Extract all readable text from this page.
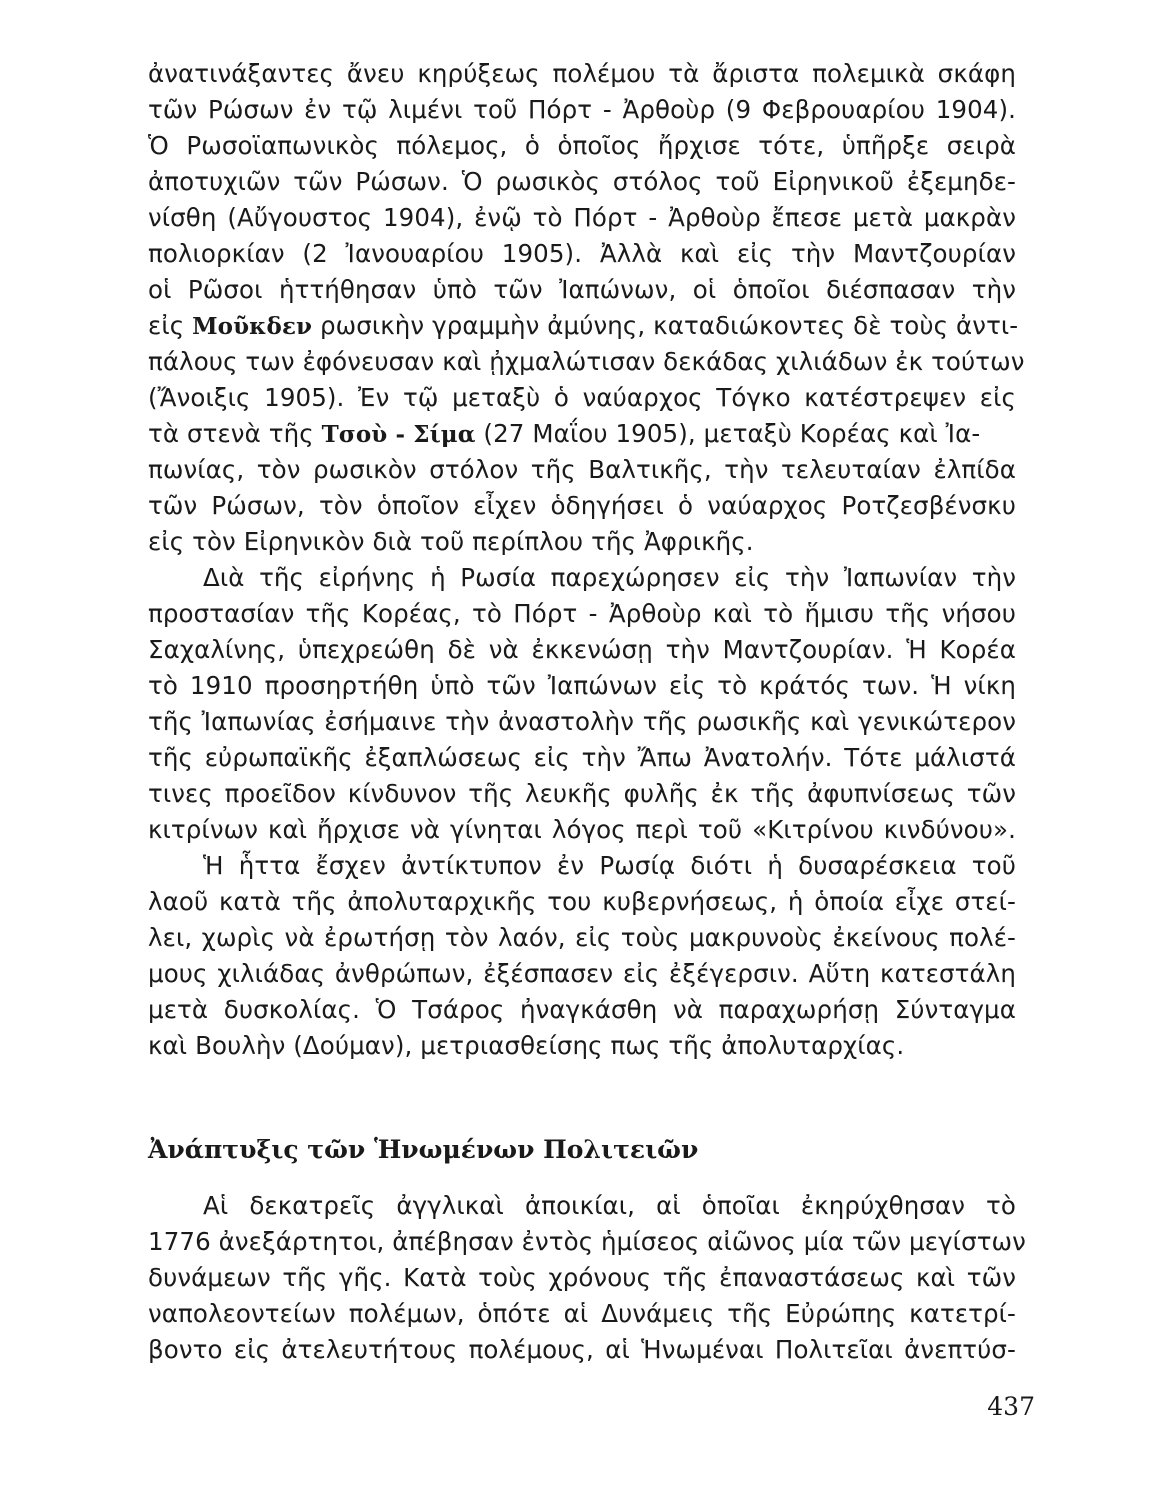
ἀνατινάξαντες ἄνευ κηρύξεως πολέμου τὰ ἄριστα πολεμικὰ σκάφη
τῶν Ρώσων ἐν τῷ λιμένι τοῦ Πόρτ - Ἀρθοὺρ (9 Φεβρουαρίου 1904).
Ὁ Ρωσοϊαπωνικὸς πόλεμος, ὁ ὁποῖος ἤρχισε τότε, ὑπῆρξε σειρὰ
ἀποτυχιῶν τῶν Ρώσων. Ὁ ρωσικὸς στόλος τοῦ Εἰρηνικοῦ ἐξεμηδε-
νίσθη (Αὔγουστος 1904), ἐνῷ τὸ Πόρτ - Ἀρθοὺρ ἔπεσε μετὰ μακρὰν
πολιορκίαν (2 Ἰανουαρίου 1905). Ἀλλὰ καὶ εἰς τὴν Μαντζουρίαν
οἱ Ρῶσοι ἡττήθησαν ὑπὸ τῶν Ἰαπώνων, οἱ ὁποῖοι διέσπασαν τὴν
εἰς Μοῦκδεν ρωσικὴν γραμμὴν ἀμύνης, καταδιώκοντες δὲ τοὺς ἀντι-
πάλους των ἐφόνευσαν καὶ ᾐχμαλώτισαν δεκάδας χιλιάδων ἐκ τούτων
(Ἄνοιξις 1905). Ἐν τῷ μεταξὺ ὁ ναύαρχος Τόγκο κατέστρεψεν εἰς
τὰ στενὰ τῆς Τσοὺ - Σίμα (27 Μαΐου 1905), μεταξὺ Κορέας καὶ Ἰα-
πωνίας, τὸν ρωσικὸν στόλον τῆς Βαλτικῆς, τὴν τελευταίαν ἐλπίδα
τῶν Ρώσων, τὸν ὁποῖον εἶχεν ὁδηγήσει ὁ ναύαρχος Ροτζεσβένσκυ
εἰς τὸν Εἰρηνικὸν διὰ τοῦ περίπλου τῆς Ἀφρικῆς.
Διὰ τῆς εἰρήνης ἡ Ρωσία παρεχώρησεν εἰς τὴν Ἰαπωνίαν τὴν
προστασίαν τῆς Κορέας, τὸ Πόρτ - Ἀρθοὺρ καὶ τὸ ἥμισυ τῆς νήσου
Σαχαλίνης, ὑπεχρεώθη δὲ νὰ ἐκκενώσῃ τὴν Μαντζουρίαν. Ἡ Κορέα
τὸ 1910 προσηρτήθη ὑπὸ τῶν Ἰαπώνων εἰς τὸ κράτός των. Ἡ νίκη
τῆς Ἰαπωνίας ἐσήμαινε τὴν ἀναστολὴν τῆς ρωσικῆς καὶ γενικώτερον
τῆς εὐρωπαϊκῆς ἐξαπλώσεως εἰς τὴν Ἄπω Ἀνατολήν. Τότε μάλιστά
τινες προεῖδον κίνδυνον τῆς λευκῆς φυλῆς ἐκ τῆς ἀφυπνίσεως τῶν
κιτρίνων καὶ ἤρχισε νὰ γίνηται λόγος περὶ τοῦ «Κιτρίνου κινδύνου».
Ἡ ἧττα ἔσχεν ἀντίκτυπον ἐν Ρωσίᾳ διότι ἡ δυσαρέσκεια τοῦ
λαοῦ κατὰ τῆς ἀπολυταρχικῆς του κυβερνήσεως, ἡ ὁποία εἶχε στεί-
λει, χωρὶς νὰ ἐρωτήσῃ τὸν λαόν, εἰς τοὺς μακρυνοὺς ἐκείνους πολέ-
μους χιλιάδας ἀνθρώπων, ἐξέσπασεν εἰς ἐξέγερσιν. Αὕτη κατεστάλη
μετὰ δυσκολίας. Ὁ Τσάρος ἠναγκάσθη νὰ παραχωρήσῃ Σύνταγμα
καὶ Βουλὴν (Δούμαν), μετριασθείσης πως τῆς ἀπολυταρχίας.
Ἀνάπτυξις τῶν Ἡνωμένων Πολιτειῶν
Αἱ δεκατρεῖς ἀγγλικαὶ ἀποικίαι, αἱ ὁποῖαι ἐκηρύχθησαν τὸ
1776 ἀνεξάρτητοι, ἀπέβησαν ἐντὸς ἡμίσεος αἰῶνος μία τῶν μεγίστων
δυνάμεων τῆς γῆς. Κατὰ τοὺς χρόνους τῆς ἐπαναστάσεως καὶ τῶν
ναπολεοντείων πολέμων, ὁπότε αἱ Δυνάμεις τῆς Εὐρώπης κατετρί-
βοντο εἰς ἀτελευτήτους πολέμους, αἱ Ἡνωμέναι Πολιτεῖαι ἀνεπτύσ-
437
